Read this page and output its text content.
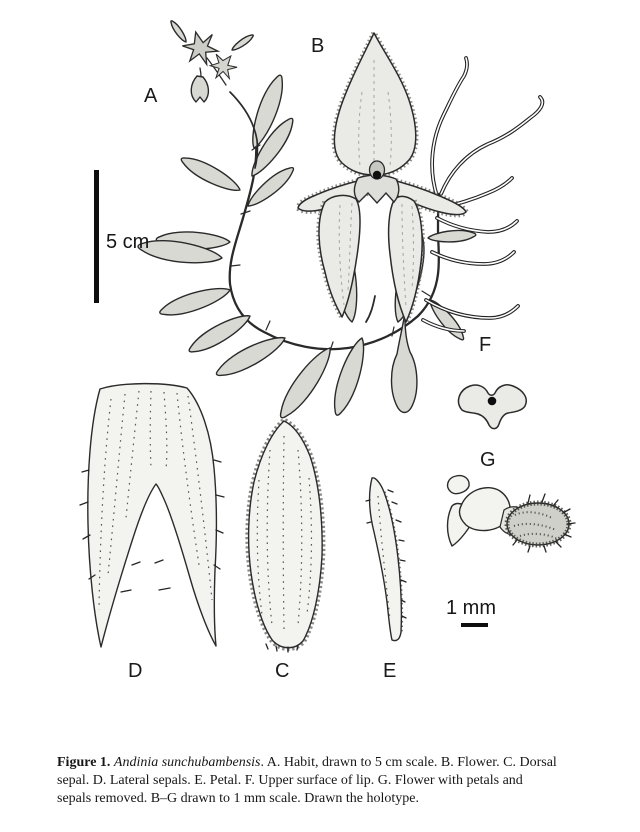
A
B
C
D	E
F
G
5 cm
1 mm
Figure 1. Andinia sunchubambensis. A. Habit, drawn to 5 cm scale. B. Flower. C. Dorsal
sepal. D. Lateral sepals. E. Petal. F. Upper surface of lip. G. Flower with petals and
sepals removed. B–G drawn to 1 mm scale. Drawn the holotype.
